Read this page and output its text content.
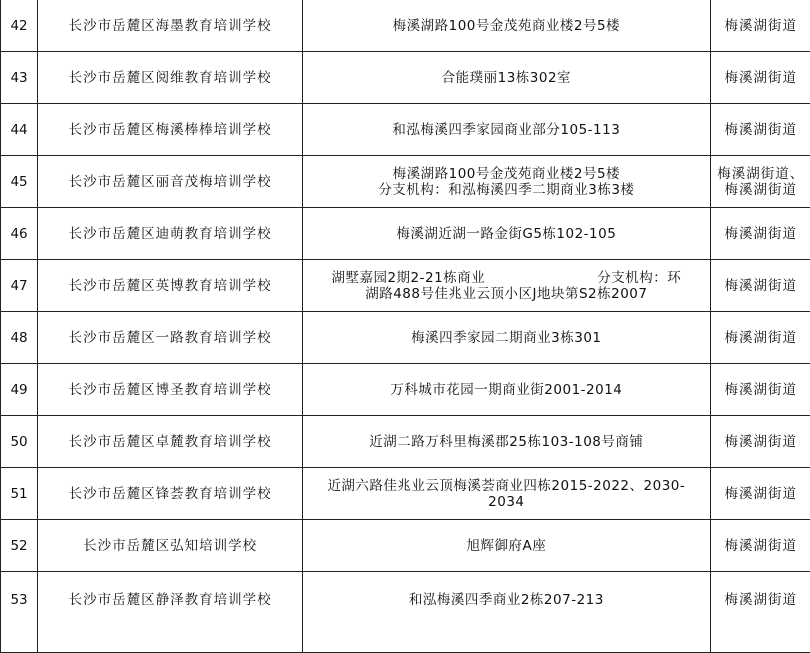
42	长沙市岳麓区海墨教育培训学校	梅溪湖路100号金茂苑商业楼2号5楼	梅溪湖街道

43	长沙市岳麓区阅维教育培训学校	合能璞丽13栋302室	梅溪湖街道

44	长沙市岳麓区梅溪棒棒培训学校	和泓梅溪四季家园商业部分105-113	梅溪湖街道

45	长沙市岳麓区丽音茂梅培训学校	梅溪湖路100号金茂苑商业楼2号5楼
分支机构：和泓梅溪四季二期商业3栋3楼	梅溪湖街道、
梅溪湖街道

46	长沙市岳麓区迪萌教育培训学校	梅溪湖近湖一路金街G5栋102-105	梅溪湖街道

47	长沙市岳麓区英博教育培训学校	湖墅嘉园2期2-21栋商业　　　　　　　　分支机构：环
湖路488号佳兆业云顶小区J地块第S2栋2007	梅溪湖街道

48	长沙市岳麓区一路教育培训学校	梅溪四季家园二期商业3栋301	梅溪湖街道

49	长沙市岳麓区博圣教育培训学校	万科城市花园一期商业街2001-2014	梅溪湖街道

50	长沙市岳麓区卓麓教育培训学校	近湖二路万科里梅溪郡25栋103-108号商铺	梅溪湖街道

51	长沙市岳麓区锋荟教育培训学校	近湖六路佳兆业云顶梅溪荟商业四栋2015-2022、2030-
2034	梅溪湖街道

52	长沙市岳麓区弘知培训学校	旭辉御府A座	梅溪湖街道

53	长沙市岳麓区静泽教育培训学校	和泓梅溪四季商业2栋207-213	梅溪湖街道
